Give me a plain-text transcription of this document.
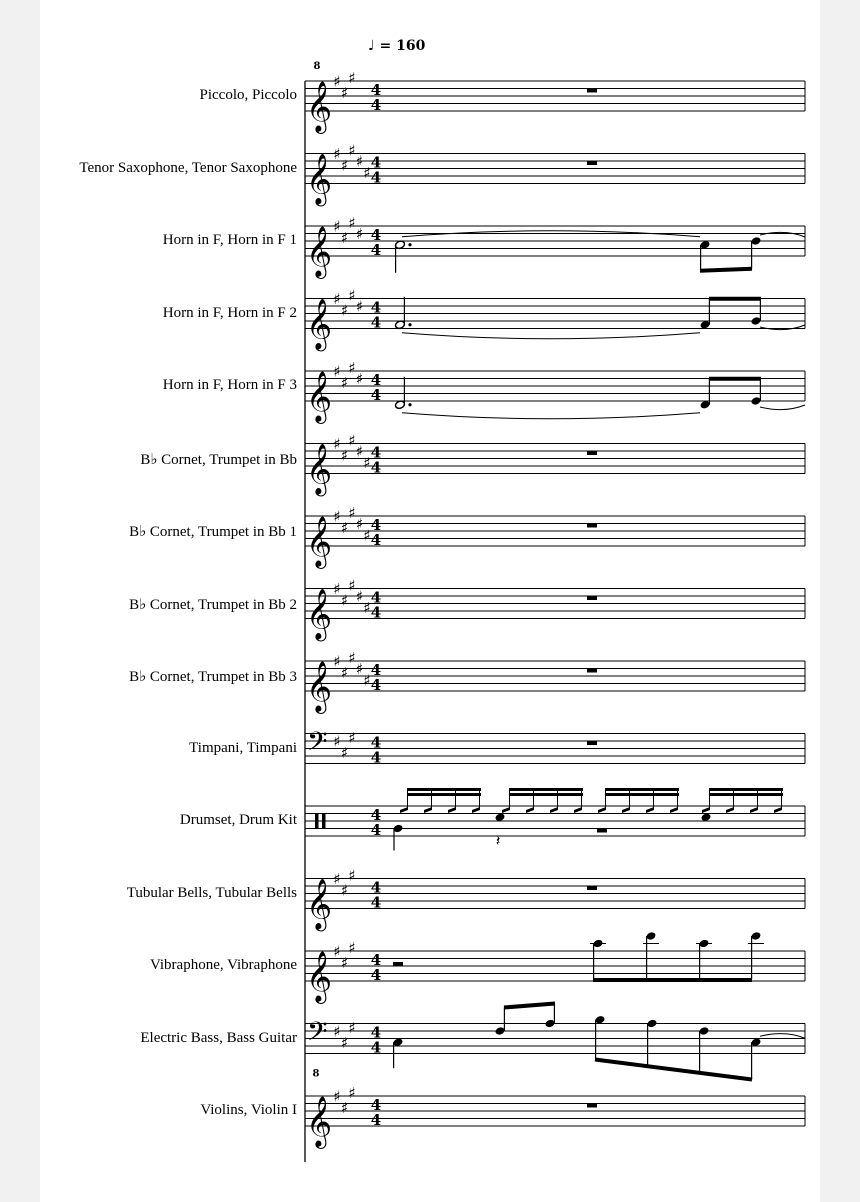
♩ = 160
Piccolo, Piccolo
Tenor Saxophone, Tenor Saxophone
Horn in F, Horn in F 1
Horn in F, Horn in F 2
Horn in F, Horn in F 3
B♭ Cornet, Trumpet in Bb
B♭ Cornet, Trumpet in Bb 1
B♭ Cornet, Trumpet in Bb 2
B♭ Cornet, Trumpet in Bb 3
Timpani, Timpani
Drumset, Drum Kit
Tubular Bells, Tubular Bells
Vibraphone, Vibraphone
Electric Bass, Bass Guitar
Violins, Violin I
𝄞
8
♯
♯
♯
4
4
𝄞 ♯
♯
♯
♯
♯
4
4
𝄞 ♯
♯
♯
♯ 4
4
𝄞 ♯
♯
♯
♯ 4
4
𝄞 ♯
♯
♯
♯ 4
4
𝄞 ♯
♯
♯
♯
♯
4
4
𝄞 ♯
♯
♯
♯
♯
4
4
𝄞 ♯
♯
♯
♯
♯
4
4
𝄞 ♯
♯
♯
♯
♯
4
4
𝄢 ♯
♯
♯ 4
4
4
4
𝄽
𝄞 ♯
♯
♯
4
4
𝄞 ♯
♯
♯
4
4
𝄢
8
♯
♯
♯ 4
4
𝄞 ♯
♯
♯
4
4
